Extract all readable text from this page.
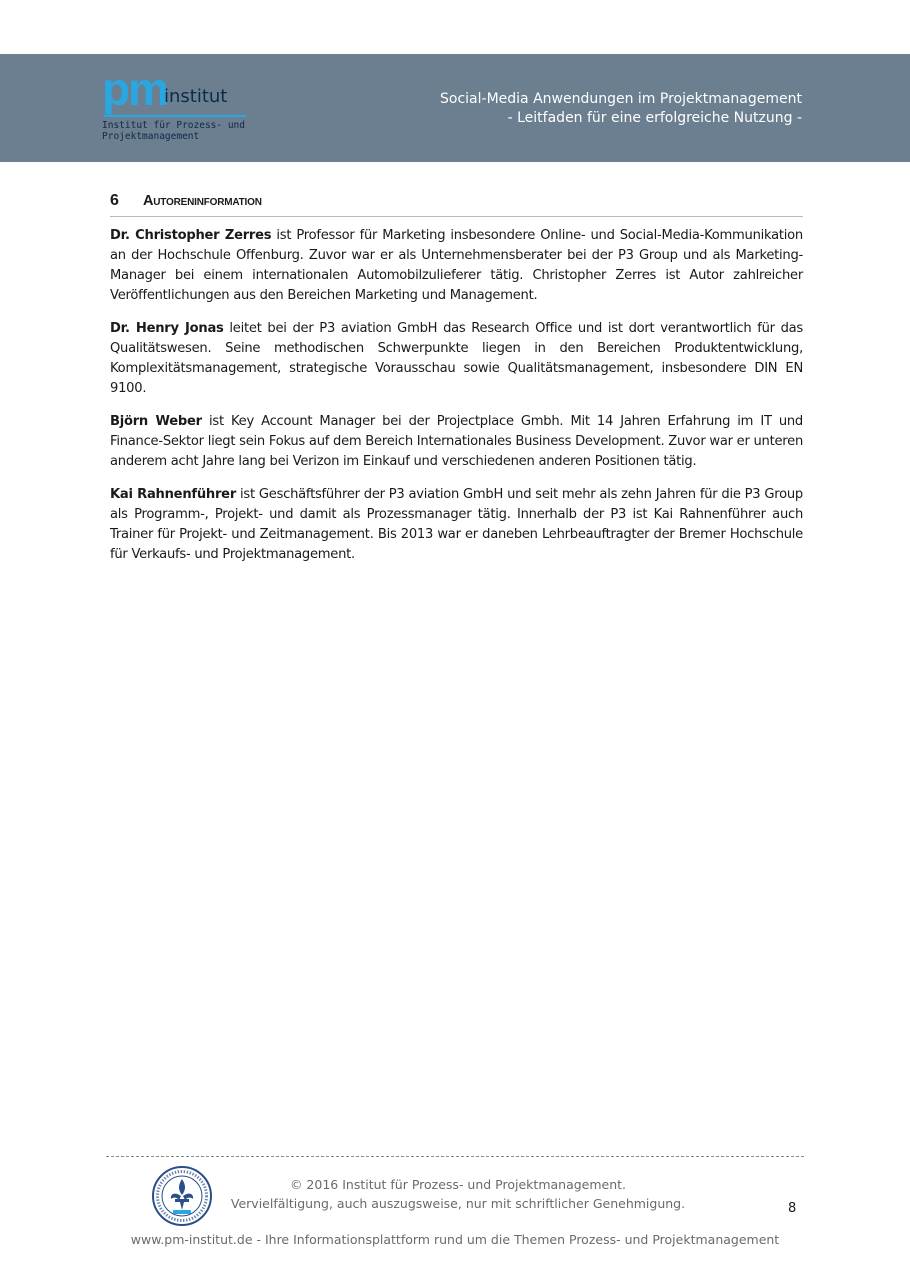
pm
institut
Institut für Prozess- und
Projektmanagement
Social-Media Anwendungen im Projektmanagement
- Leitfaden für eine erfolgreiche Nutzung -
6 Autoreninformation

Dr. Christopher Zerres ist Professor für Marketing insbesondere Online- und Social-Media-Kommunikation an der Hochschule Offenburg. Zuvor war er als Unternehmensberater bei der P3 Group und als Marketing-Manager bei einem internationalen Automobilzulieferer tätig. Christopher Zerres ist Autor zahlreicher Veröffentlichungen aus den Bereichen Marketing und Management.

Dr. Henry Jonas leitet bei der P3 aviation GmbH das Research Office und ist dort verantwortlich für das Qualitätswesen. Seine methodischen Schwerpunkte liegen in den Bereichen Produktentwicklung, Komplexitätsmanagement, strategische Vorausschau sowie Qualitätsmanagement, insbesondere DIN EN 9100.

Björn Weber ist Key Account Manager bei der Projectplace Gmbh. Mit 14 Jahren Erfahrung im IT und Finance-Sektor liegt sein Fokus auf dem Bereich Internationales Business Development. Zuvor war er unteren anderem acht Jahre lang bei Verizon im Einkauf und verschiedenen anderen Positionen tätig.

Kai Rahnenführer ist Geschäftsführer der P3 aviation GmbH und seit mehr als zehn Jahren für die P3 Group als Programm-, Projekt- und damit als Prozessmanager tätig. Innerhalb der P3 ist Kai Rahnenführer auch Trainer für Projekt- und Zeitmanagement. Bis 2013 war er daneben Lehrbeauftragter der Bremer Hochschule für Verkaufs- und Projektmanagement.

© 2016 Institut für Prozess- und Projektmanagement.
Vervielfältigung, auch auszugsweise, nur mit schriftlicher Genehmigung.	8
www.pm-institut.de - Ihre Informationsplattform rund um die Themen Prozess- und Projektmanagement
